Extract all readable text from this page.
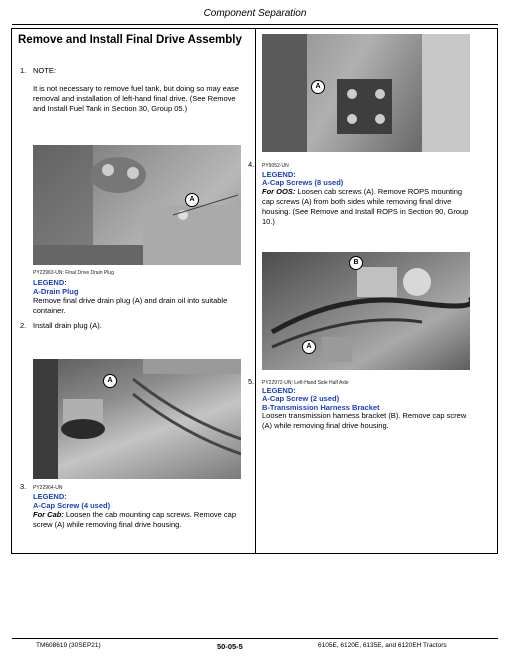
Component Separation
Remove and Install Final Drive Assembly
1. NOTE:
It is not necessary to remove fuel tank, but doing so may ease removal and installation of left-hand final drive. (See Remove and Install Fuel Tank in Section 30, Group 05.)
A
PY22963-UN: Final Drive Drain Plug
LEGEND:
A-Drain Plug
Remove final drive drain plug (A) and drain oil into suitable container.
2. Install drain plug (A).
A
3. PY22964-UN
LEGEND:
A-Cap Screw (4 used)
For Cab: Loosen the cab mounting cap screws. Remove cap screw (A) while removing final drive housing.
A
4. PY9052-UN
LEGEND:
A-Cap Screws (8 used)
For OOS: Loosen cab screws (A). Remove ROPS mounting cap screws (A) from both sides while removing final drive housing. (See Remove and Install ROPS in Section 90, Group 10.)
B
A
5. PY22972-UN: Left-Hand Side Half Axle
LEGEND:
A-Cap Screw (2 used)
B-Transmission Harness Bracket
Loosen transmission harness bracket (B). Remove cap screw (A) while removing final drive housing.
TM608619 (30SEP21)	50-05-5	6105E, 6120E, 6135E, and 6120EH Tractors
